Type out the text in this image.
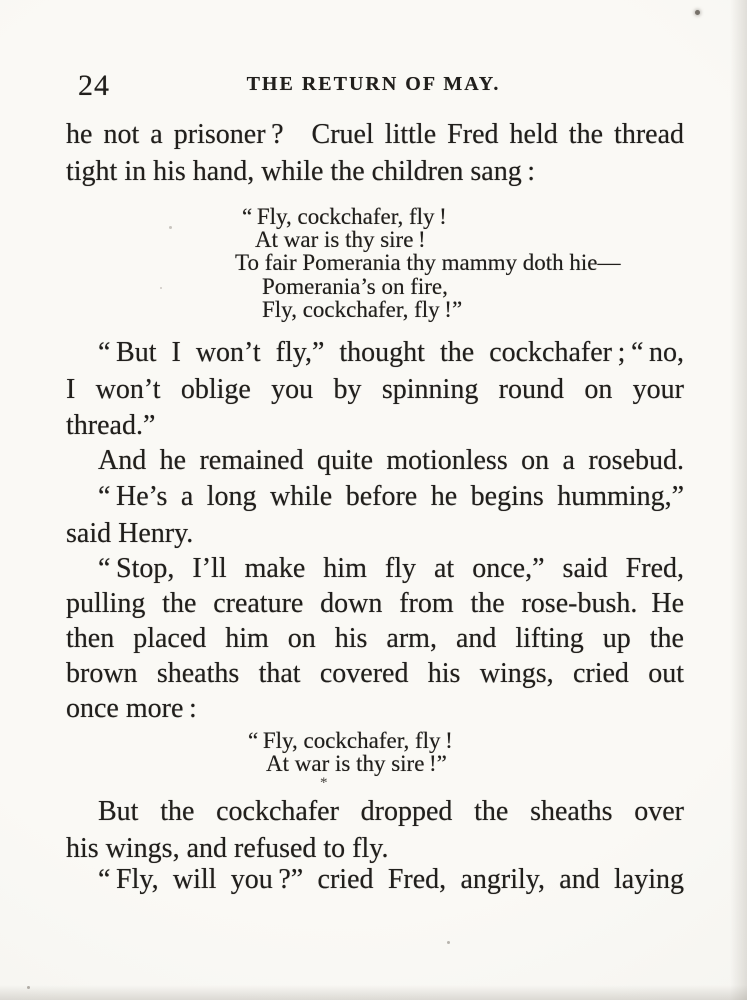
24	THE RETURN OF MAY.
he not a prisoner ?  Cruel little Fred held the thread
tight in his hand, while the children sang :
“ Fly, cockchafer, fly !
At war is thy sire !
To fair Pomerania thy mammy doth hie—
Pomerania’s on fire,
Fly, cockchafer, fly !”
“ But I won’t fly,” thought the cockchafer ; “ no,
I won’t oblige you by spinning round on your
thread.”
And he remained quite motionless on a rosebud.
“ He’s a long while before he begins humming,”
said Henry.
“ Stop, I’ll make him fly at once,” said Fred,
pulling the creature down from the rose-bush. He
then placed him on his arm, and lifting up the
brown sheaths that covered his wings, cried out
once more :
“ Fly, cockchafer, fly !
At war is thy sire !”
*
But the cockchafer dropped the sheaths over
his wings, and refused to fly.
“ Fly, will you ?” cried Fred, angrily, and laying
